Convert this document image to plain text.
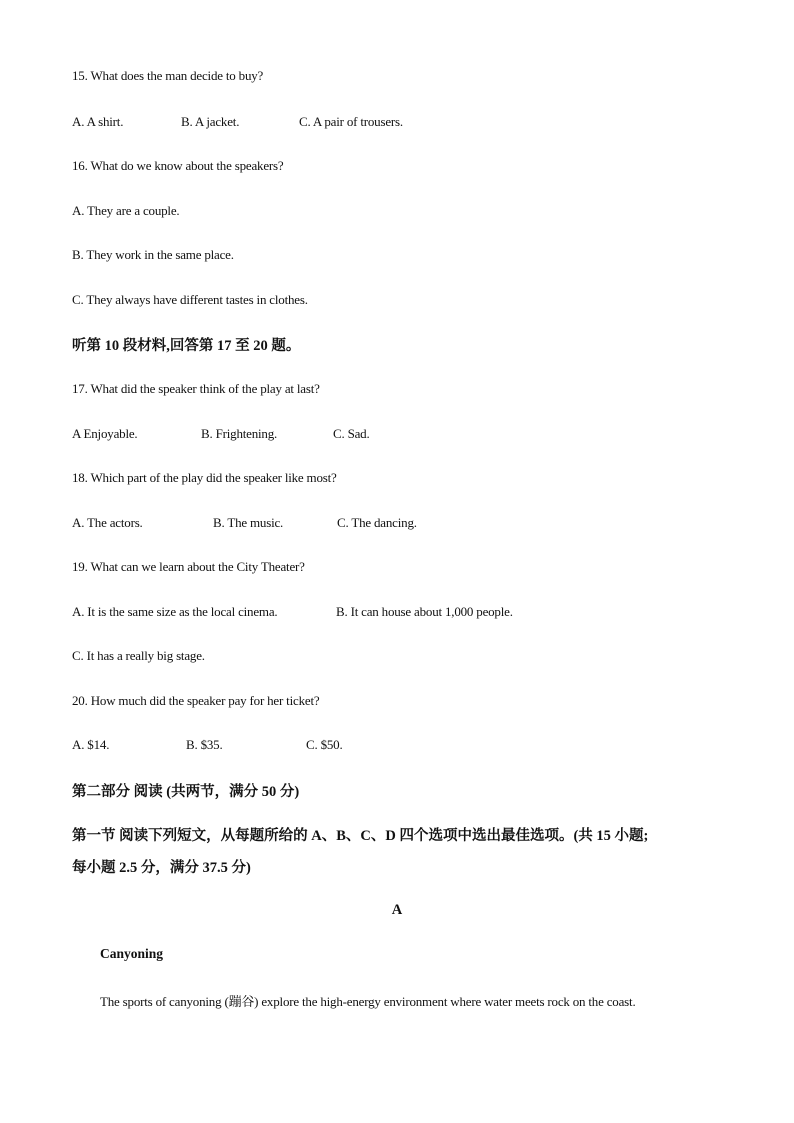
15. What does the man decide to buy?
A. A shirt.	B. A jacket.	C. A pair of trousers.
16. What do we know about the speakers?
A. They are a couple.
B. They work in the same place.
C. They always have different tastes in clothes.
听第 10 段材料,回答第 17 至 20 题。
17. What did the speaker think of the play at last?
A Enjoyable.	B. Frightening.	C. Sad.
18. Which part of the play did the speaker like most?
A. The actors.	B. The music.	C. The dancing.
19. What can we learn about the City Theater?
A. It is the same size as the local cinema.	B. It can house about 1,000 people.
C. It has a really big stage.
20. How much did the speaker pay for her ticket?
A. $14.	B. $35.	C. $50.
第二部分 阅读 (共两节，满分 50 分)
第一节 阅读下列短文，从每题所给的 A、B、C、D 四个选项中选出最佳选项。(共 15 小题;
每小题 2.5 分，满分 37.5 分)
A
Canyoning
The sports of canyoning (蹦谷) explore the high-energy environment where water meets rock on the coast.
